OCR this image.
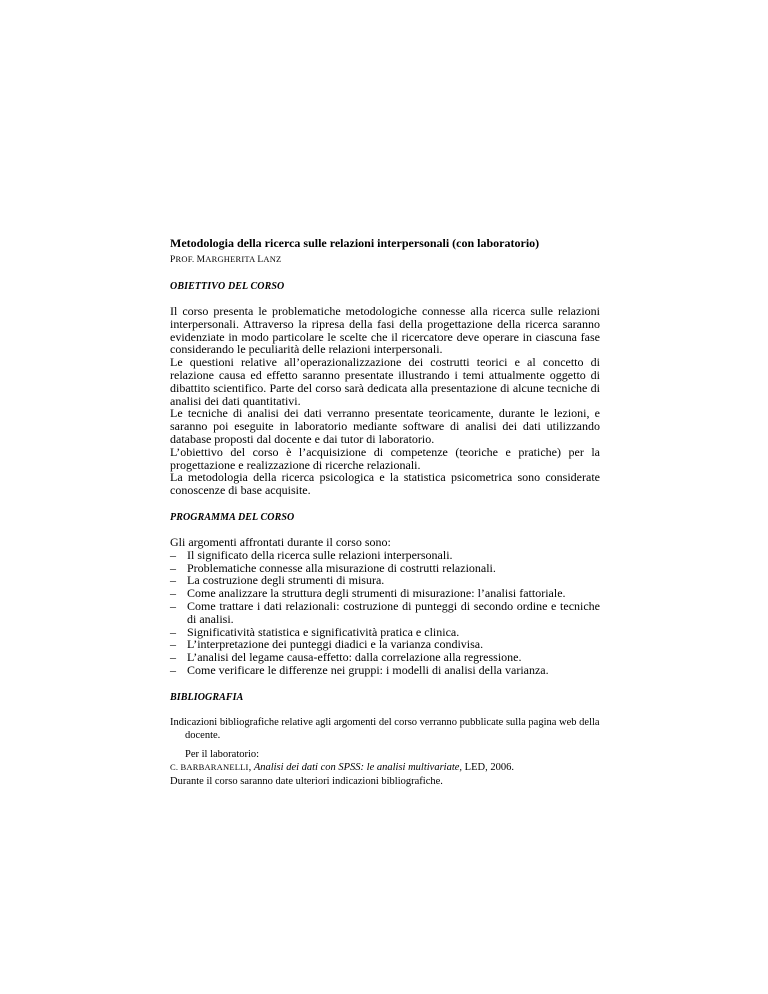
Metodologia della ricerca sulle relazioni interpersonali (con laboratorio)

PROF. MARGHERITA LANZ

OBIETTIVO DEL CORSO

Il corso presenta le problematiche metodologiche connesse alla ricerca sulle relazioni interpersonali. Attraverso la ripresa della fasi della progettazione della ricerca saranno evidenziate in modo particolare le scelte che il ricercatore deve operare in ciascuna fase considerando le peculiarità delle relazioni interpersonali.
Le questioni relative all’operazionalizzazione dei costrutti teorici e al concetto di relazione causa ed effetto saranno presentate illustrando i temi attualmente oggetto di dibattito scientifico. Parte del corso sarà dedicata alla presentazione di alcune tecniche di analisi dei dati quantitativi.
Le tecniche di analisi dei dati verranno presentate teoricamente, durante le lezioni, e saranno poi eseguite in laboratorio mediante software di analisi dei dati utilizzando database proposti dal docente e dai tutor di laboratorio.
L’obiettivo del corso è l’acquisizione di competenze (teoriche e pratiche) per la progettazione e realizzazione di ricerche relazionali.
La metodologia della ricerca psicologica e la statistica psicometrica sono considerate conoscenze di base acquisite.

PROGRAMMA DEL CORSO

Gli argomenti affrontati durante il corso sono:

– Il significato della ricerca sulle relazioni interpersonali.
– Problematiche connesse alla misurazione di costrutti relazionali.
– La costruzione degli strumenti di misura.
– Come analizzare la struttura degli strumenti di misurazione: l’analisi fattoriale.
– Come trattare i dati relazionali: costruzione di punteggi di secondo ordine e tecniche di analisi.
– Significatività statistica e significatività pratica e clinica.
– L’interpretazione dei punteggi diadici e la varianza condivisa.
– L’analisi del legame causa-effetto: dalla correlazione alla regressione.
– Come verificare le differenze nei gruppi: i modelli di analisi della varianza.

BIBLIOGRAFIA

Indicazioni bibliografiche relative agli argomenti del corso verranno pubblicate sulla pagina web della docente.

Per il laboratorio:

C. BARBARANELLI, Analisi dei dati con SPSS: le analisi multivariate, LED, 2006.

Durante il corso saranno date ulteriori indicazioni bibliografiche.
